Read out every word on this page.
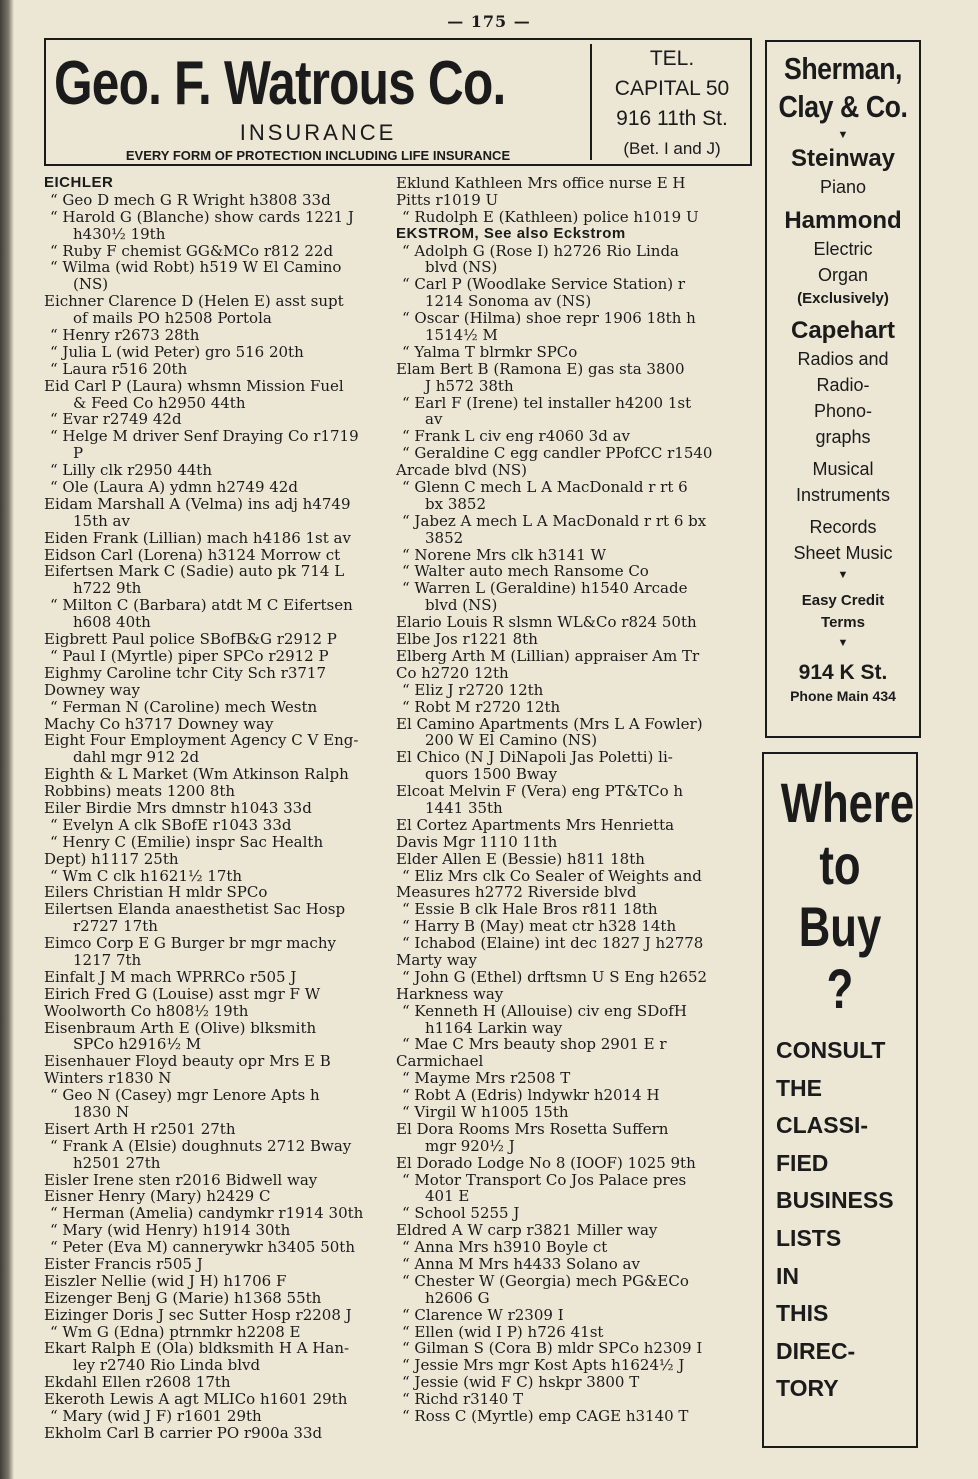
— 175 —
Geo. F. Watrous Co.
INSURANCE
EVERY FORM OF PROTECTION INCLUDING LIFE INSURANCE
TEL.
CAPITAL 50
916 11th St.
(Bet. I and J)
Sherman,
Clay & Co.
▼
Steinway
Piano
Hammond
Electric
Organ
(Exclusively)
Capehart
Radios and
Radio-
Phono-
graphs
Musical
Instruments
Records
Sheet Music
▼
Easy Credit
Terms
▼
914 K St.
Phone Main 434
Where
to
Buy
?
CONSULT
THE
CLASSI-
FIED
BUSINESS
LISTS
IN
THIS
DIREC-
TORY
EICHLER
“ Geo D mech G R Wright h3808 33d
“ Harold G (Blanche) show cards 1221 J
h430½ 19th
“ Ruby F chemist GG&MCo r812 22d
“ Wilma (wid Robt) h519 W El Camino
(NS)
Eichner Clarence D (Helen E) asst supt
of mails PO h2508 Portola
“ Henry r2673 28th
“ Julia L (wid Peter) gro 516 20th
“ Laura r516 20th
Eid Carl P (Laura) whsmn Mission Fuel
& Feed Co h2950 44th
“ Evar r2749 42d
“ Helge M driver Senf Draying Co r1719
P
“ Lilly clk r2950 44th
“ Ole (Laura A) ydmn h2749 42d
Eidam Marshall A (Velma) ins adj h4749
15th av
Eiden Frank (Lillian) mach h4186 1st av
Eidson Carl (Lorena) h3124 Morrow ct
Eifertsen Mark C (Sadie) auto pk 714 L
h722 9th
“ Milton C (Barbara) atdt M C Eifertsen
h608 40th
Eigbrett Paul police SBofB&G r2912 P
“ Paul I (Myrtle) piper SPCo r2912 P
Eighmy Caroline tchr City Sch r3717
Downey way
“ Ferman N (Caroline) mech Westn
Machy Co h3717 Downey way
Eight Four Employment Agency C V Eng-
dahl mgr 912 2d
Eighth & L Market (Wm Atkinson Ralph
Robbins) meats 1200 8th
Eiler Birdie Mrs dmnstr h1043 33d
“ Evelyn A clk SBofE r1043 33d
“ Henry C (Emilie) inspr Sac Health
Dept) h1117 25th
“ Wm C clk h1621½ 17th
Eilers Christian H mldr SPCo
Eilertsen Elanda anaesthetist Sac Hosp
r2727 17th
Eimco Corp E G Burger br mgr machy
1217 7th
Einfalt J M mach WPRRCo r505 J
Eirich Fred G (Louise) asst mgr F W
Woolworth Co h808½ 19th
Eisenbraum Arth E (Olive) blksmith
SPCo h2916½ M
Eisenhauer Floyd beauty opr Mrs E B
Winters r1830 N
“ Geo N (Casey) mgr Lenore Apts h
1830 N
Eisert Arth H r2501 27th
“ Frank A (Elsie) doughnuts 2712 Bway
h2501 27th
Eisler Irene sten r2016 Bidwell way
Eisner Henry (Mary) h2429 C
“ Herman (Amelia) candymkr r1914 30th
“ Mary (wid Henry) h1914 30th
“ Peter (Eva M) cannerywkr h3405 50th
Eister Francis r505 J
Eiszler Nellie (wid J H) h1706 F
Eizenger Benj G (Marie) h1368 55th
Eizinger Doris J sec Sutter Hosp r2208 J
“ Wm G (Edna) ptrnmkr h2208 E
Ekart Ralph E (Ola) bldksmith H A Han-
ley r2740 Rio Linda blvd
Ekdahl Ellen r2608 17th
Ekeroth Lewis A agt MLICo h1601 29th
“ Mary (wid J F) r1601 29th
Ekholm Carl B carrier PO r900a 33d
Eklund Kathleen Mrs office nurse E H
Pitts r1019 U
“ Rudolph E (Kathleen) police h1019 U
EKSTROM, See also Eckstrom
“ Adolph G (Rose I) h2726 Rio Linda
blvd (NS)
“ Carl P (Woodlake Service Station) r
1214 Sonoma av (NS)
“ Oscar (Hilma) shoe repr 1906 18th h
1514½ M
“ Yalma T blrmkr SPCo
Elam Bert B (Ramona E) gas sta 3800
J h572 38th
“ Earl F (Irene) tel installer h4200 1st
av
“ Frank L civ eng r4060 3d av
“ Geraldine C egg candler PPofCC r1540
Arcade blvd (NS)
“ Glenn C mech L A MacDonald r rt 6
bx 3852
“ Jabez A mech L A MacDonald r rt 6 bx
3852
“ Norene Mrs clk h3141 W
“ Walter auto mech Ransome Co
“ Warren L (Geraldine) h1540 Arcade
blvd (NS)
Elario Louis R slsmn WL&Co r824 50th
Elbe Jos r1221 8th
Elberg Arth M (Lillian) appraiser Am Tr
Co h2720 12th
“ Eliz J r2720 12th
“ Robt M r2720 12th
El Camino Apartments (Mrs L A Fowler)
200 W El Camino (NS)
El Chico (N J DiNapoli Jas Poletti) li-
quors 1500 Bway
Elcoat Melvin F (Vera) eng PT&TCo h
1441 35th
El Cortez Apartments Mrs Henrietta
Davis Mgr 1110 11th
Elder Allen E (Bessie) h811 18th
“ Eliz Mrs clk Co Sealer of Weights and
Measures h2772 Riverside blvd
“ Essie B clk Hale Bros r811 18th
“ Harry B (May) meat ctr h328 14th
“ Ichabod (Elaine) int dec 1827 J h2778
Marty way
“ John G (Ethel) drftsmn U S Eng h2652
Harkness way
“ Kenneth H (Allouise) civ eng SDofH
h1164 Larkin way
“ Mae C Mrs beauty shop 2901 E r
Carmichael
“ Mayme Mrs r2508 T
“ Robt A (Edris) lndywkr h2014 H
“ Virgil W h1005 15th
El Dora Rooms Mrs Rosetta Suffern
mgr 920½ J
El Dorado Lodge No 8 (IOOF) 1025 9th
“ Motor Transport Co Jos Palace pres
401 E
“ School 5255 J
Eldred A W carp r3821 Miller way
“ Anna Mrs h3910 Boyle ct
“ Anna M Mrs h4433 Solano av
“ Chester W (Georgia) mech PG&ECo
h2606 G
“ Clarence W r2309 I
“ Ellen (wid I P) h726 41st
“ Gilman S (Cora B) mldr SPCo h2309 I
“ Jessie Mrs mgr Kost Apts h1624½ J
“ Jessie (wid F C) hskpr 3800 T
“ Richd r3140 T
“ Ross C (Myrtle) emp CAGE h3140 T
